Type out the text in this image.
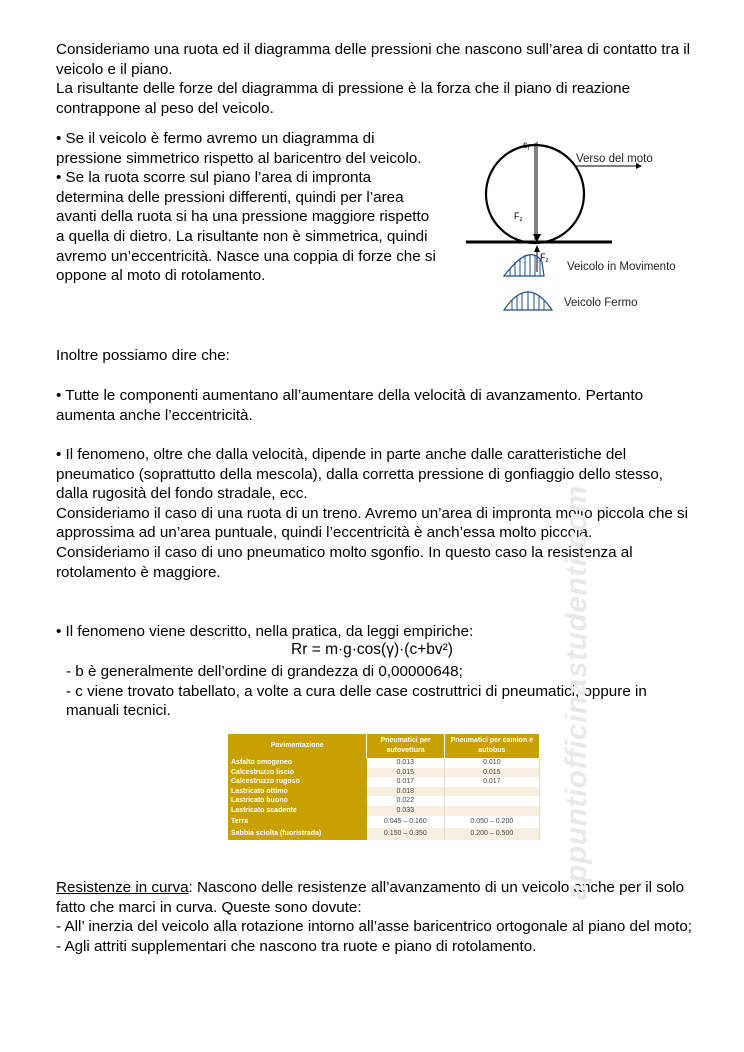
Consideriamo una ruota ed il diagramma delle pressioni che nascono sull’area di contatto tra il veicolo e il piano.

La risultante delle forze del diagramma di pressione è la forza che il piano di reazione contrappone al peso del veicolo.

• Se il veicolo è fermo avremo un diagramma di pressione simmetrico rispetto al baricentro del veicolo.

• Se la ruota scorre sul piano l’area di impronta determina delle pressioni differenti, quindi per l’area avanti della ruota si ha una pressione maggiore rispetto a quella di dietro. La risultante non è simmetrica, quindi avremo un’eccentricità. Nasce una coppia di forze che si oppone al moto di rotolamento.

$\varepsilon_r$
Verso del moto
$F_z$
$F_z$ Veicolo in Movimento
Veicolo Fermo
Inoltre possiamo dire che:
• Tutte le componenti aumentano all’aumentare della velocità di avanzamento. Pertanto aumenta anche l’eccentricità.

• Il fenomeno, oltre che dalla velocità, dipende in parte anche dalle caratteristiche del pneumatico (soprattutto della mescola), dalla corretta pressione di gonfiaggio dello stesso, dalla rugosità del fondo stradale, ecc.

Consideriamo il caso di una ruota di un treno. Avremo un’area di impronta molto piccola che si approssima ad un’area puntuale, quindi l’eccentricità è anch’essa molto piccola.

Consideriamo il caso di uno pneumatico molto sgonfio. In questo caso la resistenza al rotolamento è maggiore.

• Il fenomeno viene descritto, nella pratica, da leggi empiriche:
Rr = m·g·cos(γ)·(c+bv²)

- b è generalmente dell’ordine di grandezza di 0,00000648;

- c viene trovato tabellato, a volte a cura delle case costruttrici di pneumatici, oppure in manuali tecnici.

Pavimentazione	Pneumatici per autovettura	Pneumatici per camion e autobus
Asfalto omogeneo	0.013	0.010
Calcestruzzo liscio	0.015	0.015
Calcestruzzo rugoso	0.017	0.017
Lastricato ottimo	0.018	
Lastricato buono	0.022	
Lastricato scadente	0.033	
Terra	0.045 – 0.160	0.050 – 0.200
Sabbia sciolta (fuoristrada)	0.150 – 0.350	0.200 – 0.500

Resistenze in curva: Nascono delle resistenze all’avanzamento di un veicolo anche per il solo fatto che marci in curva. Queste sono dovute:

- All’ inerzia del veicolo alla rotazione intorno all’asse baricentrico ortogonale al piano del moto;

- Agli attriti supplementari che nascono tra ruote e piano di rotolamento.

appuntiofficinastudenti.com
